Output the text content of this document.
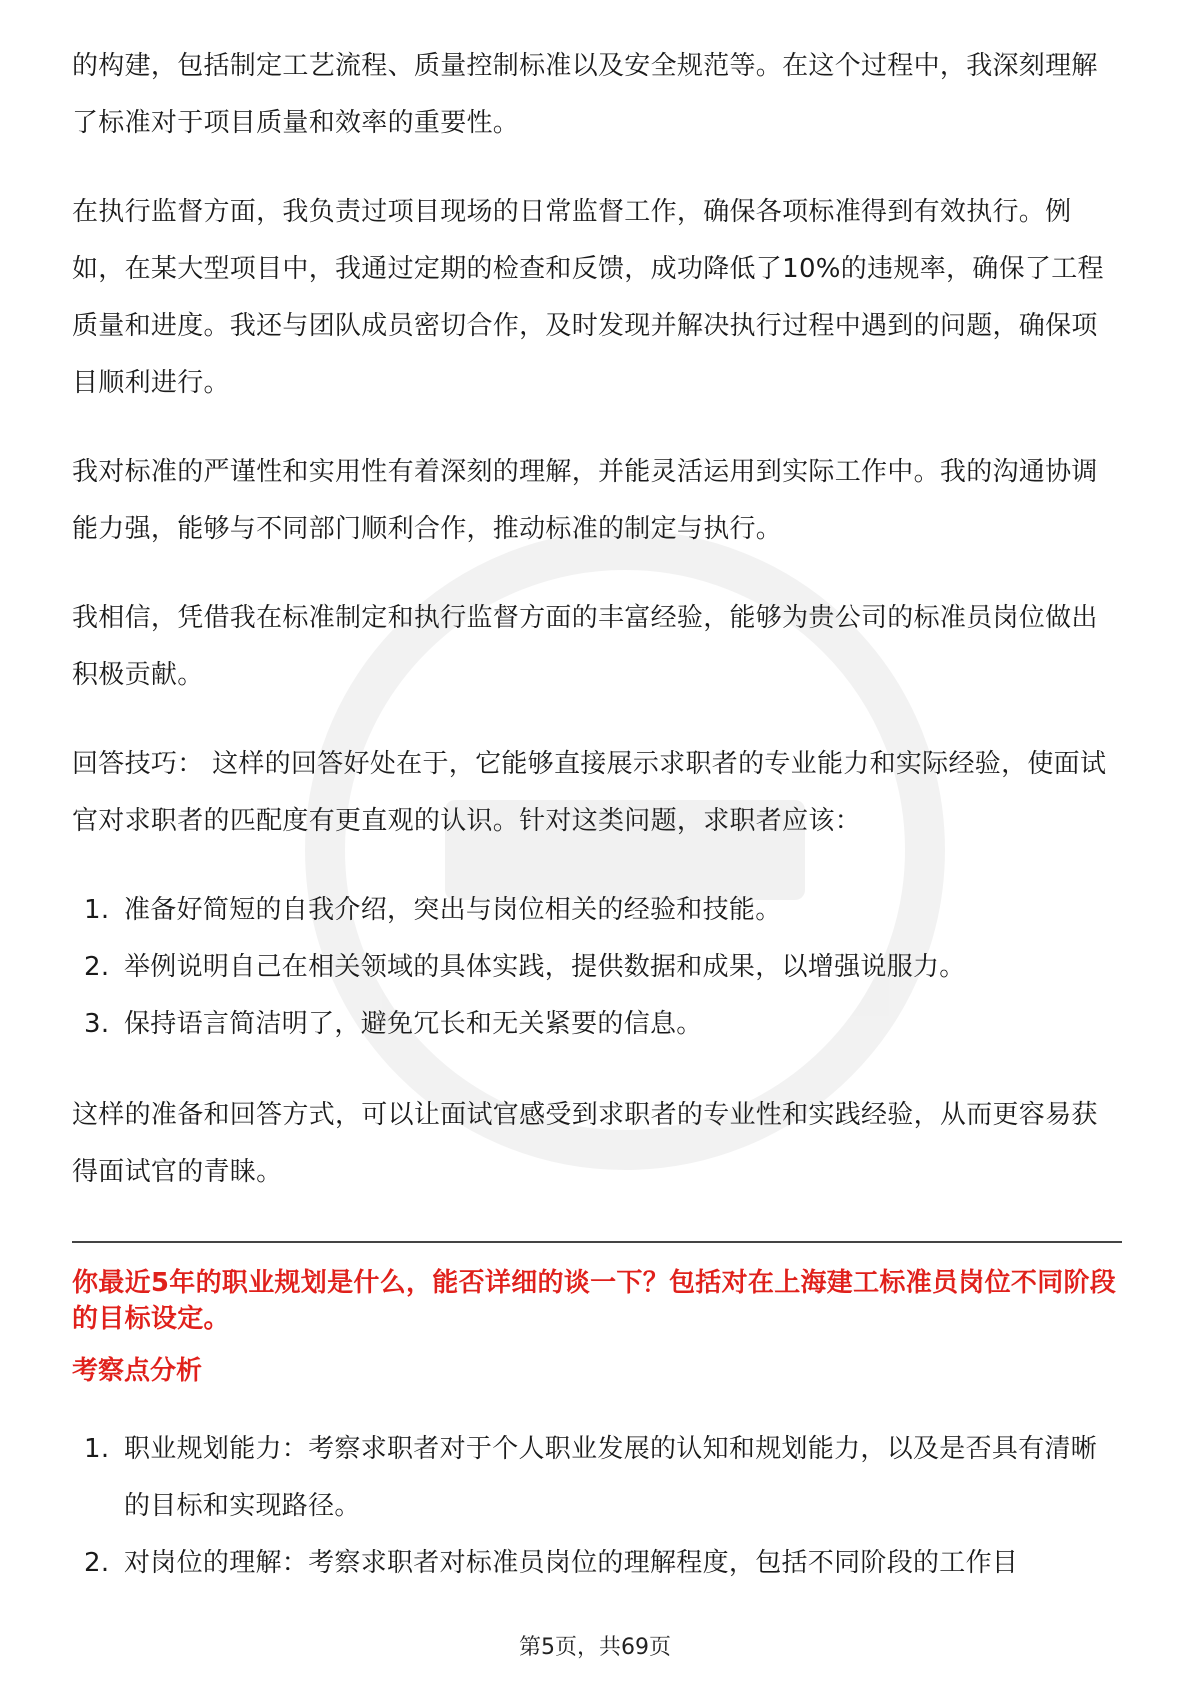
的构建，包括制定工艺流程、质量控制标准以及安全规范等。在这个过程中，我深刻理解了标准对于项目质量和效率的重要性。

在执行监督方面，我负责过项目现场的日常监督工作，确保各项标准得到有效执行。例如，在某大型项目中，我通过定期的检查和反馈，成功降低了10%的违规率，确保了工程质量和进度。我还与团队成员密切合作，及时发现并解决执行过程中遇到的问题，确保项目顺利进行。

我对标准的严谨性和实用性有着深刻的理解，并能灵活运用到实际工作中。我的沟通协调能力强，能够与不同部门顺利合作，推动标准的制定与执行。

我相信，凭借我在标准制定和执行监督方面的丰富经验，能够为贵公司的标准员岗位做出积极贡献。

回答技巧： 这样的回答好处在于，它能够直接展示求职者的专业能力和实际经验，使面试官对求职者的匹配度有更直观的认识。针对这类问题，求职者应该：

1. 准备好简短的自我介绍，突出与岗位相关的经验和技能。
2. 举例说明自己在相关领域的具体实践，提供数据和成果，以增强说服力。
3. 保持语言简洁明了，避免冗长和无关紧要的信息。

这样的准备和回答方式，可以让面试官感受到求职者的专业性和实践经验，从而更容易获得面试官的青睐。

你最近5年的职业规划是什么，能否详细的谈一下？包括对在上海建工标准员岗位不同阶段的目标设定。

考察点分析

1. 职业规划能力：考察求职者对于个人职业发展的认知和规划能力，以及是否具有清晰的目标和实现路径。
2. 对岗位的理解：考察求职者对标准员岗位的理解程度，包括不同阶段的工作目
第5页，共69页
